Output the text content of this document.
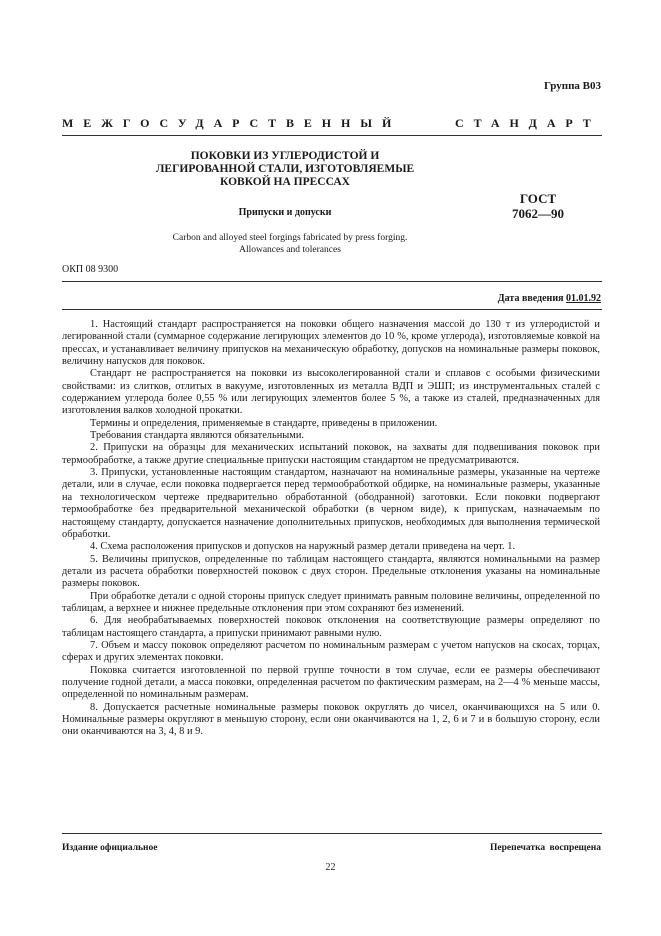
Группа В03
МЕЖГОСУДАРСТВЕННЫЙ	СТАНДАРТ
ПОКОВКИ ИЗ УГЛЕРОДИСТОЙ И
ЛЕГИРОВАННОЙ СТАЛИ, ИЗГОТОВЛЯЕМЫЕ
КОВКОЙ НА ПРЕССАХ
Припуски и допуски
ГОСТ
7062—90
Carbon and alloyed steel forgings fabricated by press forging.
Allowances and tolerances
ОКП 08 9300
Дата введения 01.01.92

1. Настоящий стандарт распространяется на поковки общего назначения массой до 130 т из углеродистой и легированной стали (суммарное содержание легирующих элементов до 10 %, кроме углерода), изготовляемые ковкой на прессах, и устанавливает величину припусков на механическую обработку, допусков на номинальные размеры поковок, величину напусков для поковок.

Стандарт не распространяется на поковки из высоколегированной стали и сплавов с особыми физическими свойствами: из слитков, отлитых в вакууме, изготовленных из металла ВДП и ЭШП; из инструментальных сталей с содержанием углерода более 0,55 % или легирующих элементов более 5 %, а также из сталей, предназначенных для изготовления валков холодной прокатки.

Термины и определения, применяемые в стандарте, приведены в приложении.

Требования стандарта являются обязательными.

2. Припуски на образцы для механических испытаний поковок, на захваты для подвешивания поковок при термообработке, а также другие специальные припуски настоящим стандартом не предусматриваются.

3. Припуски, установленные настоящим стандартом, назначают на номинальные размеры, указанные на чертеже детали, или в случае, если поковка подвергается перед термообработкой обдирке, на номинальные размеры, указанные на технологическом чертеже предварительно обработанной (ободранной) заготовки. Если поковки подвергают термообработке без предварительной механической обработки (в черном виде), к припускам, назначаемым по настоящему стандарту, допускается назначение дополнительных припусков, необходимых для выполнения термической обработки.

4. Схема расположения припусков и допусков на наружный размер детали приведена на черт. 1.

5. Величины припусков, определенные по таблицам настоящего стандарта, являются номинальными на размер детали из расчета обработки поверхностей поковок с двух сторон. Предельные отклонения указаны на номинальные размеры поковок.

При обработке детали с одной стороны припуск следует принимать равным половине величины, определенной по таблицам, а верхнее и нижнее предельные отклонения при этом сохраняют без изменений.

6. Для необрабатываемых поверхностей поковок отклонения на соответствующие размеры определяют по таблицам настоящего стандарта, а припуски принимают равными нулю.

7. Объем и массу поковок определяют расчетом по номинальным размерам с учетом напусков на скосах, торцах, сферах и других элементах поковки.

Поковка считается изготовленной по первой группе точности в том случае, если ее размеры обеспечивают получение годной детали, а масса поковки, определенная расчетом по фактическим размерам, на 2—4 % меньше массы, определенной по номинальным размерам.

8. Допускается расчетные номинальные размеры поковок округлять до чисел, оканчивающихся на 5 или 0. Номинальные размеры округляют в меньшую сторону, если они оканчиваются на 1, 2, 6 и 7 и в большую сторону, если они оканчиваются на 3, 4, 8 и 9.

Издание официальное	Перепечатка воспрещена
22
